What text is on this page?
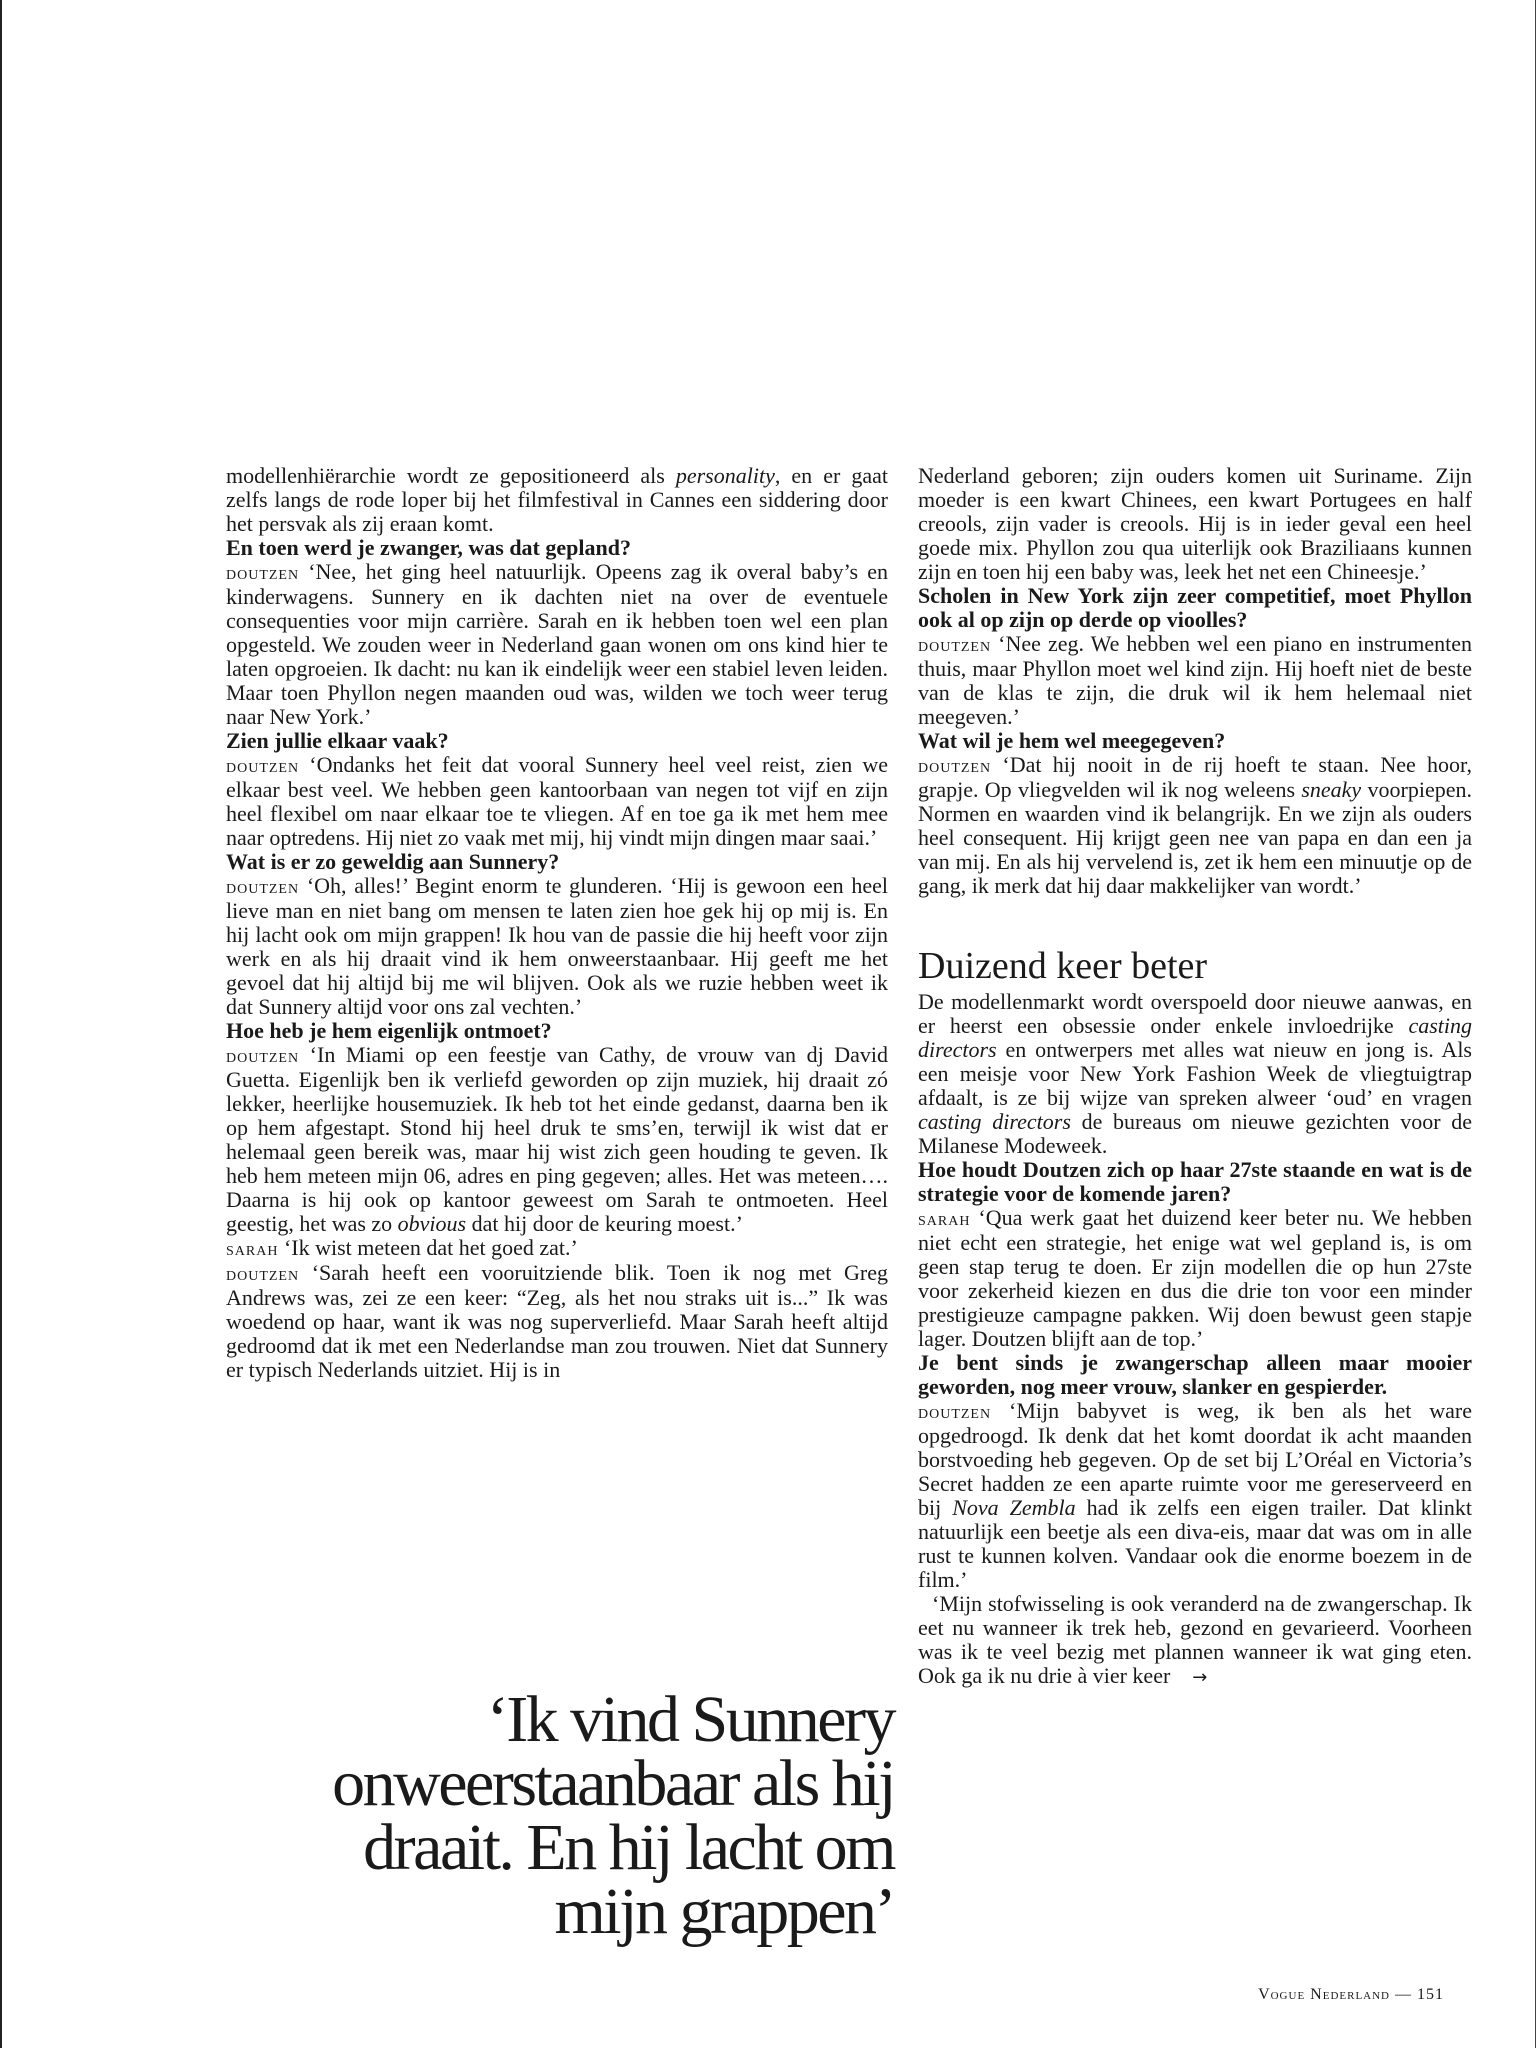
modellenhiërarchie wordt ze gepositioneerd als personality, en er gaat zelfs langs de rode loper bij het filmfestival in Cannes een siddering door het persvak als zij eraan komt.

En toen werd je zwanger, was dat gepland?

doutzen ‘Nee, het ging heel natuurlijk. Opeens zag ik overal baby’s en kinderwagens. Sunnery en ik dachten niet na over de eventuele consequenties voor mijn carrière. Sarah en ik hebben toen wel een plan opgesteld. We zouden weer in Nederland gaan wonen om ons kind hier te laten opgroeien. Ik dacht: nu kan ik eindelijk weer een stabiel leven leiden. Maar toen Phyllon negen maanden oud was, wilden we toch weer terug naar New York.’

Zien jullie elkaar vaak?

doutzen ‘Ondanks het feit dat vooral Sunnery heel veel reist, zien we elkaar best veel. We hebben geen kantoorbaan van negen tot vijf en zijn heel flexibel om naar elkaar toe te vliegen. Af en toe ga ik met hem mee naar optredens. Hij niet zo vaak met mij, hij vindt mijn dingen maar saai.’

Wat is er zo geweldig aan Sunnery?

doutzen ‘Oh, alles!’ Begint enorm te glunderen. ‘Hij is gewoon een heel lieve man en niet bang om mensen te laten zien hoe gek hij op mij is. En hij lacht ook om mijn grappen! Ik hou van de passie die hij heeft voor zijn werk en als hij draait vind ik hem onweerstaanbaar. Hij geeft me het gevoel dat hij altijd bij me wil blijven. Ook als we ruzie hebben weet ik dat Sunnery altijd voor ons zal vechten.’

Hoe heb je hem eigenlijk ontmoet?

doutzen ‘In Miami op een feestje van Cathy, de vrouw van dj David Guetta. Eigenlijk ben ik verliefd geworden op zijn muziek, hij draait zó lekker, heerlijke housemuziek. Ik heb tot het einde gedanst, daarna ben ik op hem afgestapt. Stond hij heel druk te sms’en, terwijl ik wist dat er helemaal geen bereik was, maar hij wist zich geen houding te geven. Ik heb hem meteen mijn 06, adres en ping gegeven; alles. Het was meteen…. Daarna is hij ook op kantoor geweest om Sarah te ontmoeten. Heel geestig, het was zo obvious dat hij door de keuring moest.’

sarah ‘Ik wist meteen dat het goed zat.’

doutzen ‘Sarah heeft een vooruitziende blik. Toen ik nog met Greg Andrews was, zei ze een keer: “Zeg, als het nou straks uit is...” Ik was woedend op haar, want ik was nog superverliefd. Maar Sarah heeft altijd gedroomd dat ik met een Nederlandse man zou trouwen. Niet dat Sunnery er typisch Nederlands uitziet. Hij is in

‘Ik vind Sunnery
onweerstaanbaar als hij
draait. En hij lacht om
mijn grappen’

Nederland geboren; zijn ouders komen uit Suriname. Zijn moeder is een kwart Chinees, een kwart Portugees en half creools, zijn vader is creools. Hij is in ieder geval een heel goede mix. Phyllon zou qua uiterlijk ook Braziliaans kunnen zijn en toen hij een baby was, leek het net een Chineesje.’

Scholen in New York zijn zeer competitief, moet Phyllon ook al op zijn op derde op vioolles?

doutzen ‘Nee zeg. We hebben wel een piano en instrumenten thuis, maar Phyllon moet wel kind zijn. Hij hoeft niet de beste van de klas te zijn, die druk wil ik hem helemaal niet meegeven.’

Wat wil je hem wel meegegeven?

doutzen ‘Dat hij nooit in de rij hoeft te staan. Nee hoor, grapje. Op vliegvelden wil ik nog weleens sneaky voorpiepen. Normen en waarden vind ik belangrijk. En we zijn als ouders heel consequent. Hij krijgt geen nee van papa en dan een ja van mij. En als hij vervelend is, zet ik hem een minuutje op de gang, ik merk dat hij daar makkelijker van wordt.’

Duizend keer beter

De modellenmarkt wordt overspoeld door nieuwe aanwas, en er heerst een obsessie onder enkele invloedrijke casting directors en ontwerpers met alles wat nieuw en jong is. Als een meisje voor New York Fashion Week de vliegtuigtrap afdaalt, is ze bij wijze van spreken alweer ‘oud’ en vragen casting directors de bureaus om nieuwe gezichten voor de Milanese Modeweek.

Hoe houdt Doutzen zich op haar 27ste staande en wat is de strategie voor de komende jaren?

sarah ‘Qua werk gaat het duizend keer beter nu. We hebben niet echt een strategie, het enige wat wel gepland is, is om geen stap terug te doen. Er zijn modellen die op hun 27ste voor zekerheid kiezen en dus die drie ton voor een minder prestigieuze campagne pakken. Wij doen bewust geen stapje lager. Doutzen blijft aan de top.’

Je bent sinds je zwangerschap alleen maar mooier geworden, nog meer vrouw, slanker en gespierder.

doutzen ‘Mijn babyvet is weg, ik ben als het ware opgedroogd. Ik denk dat het komt doordat ik acht maanden borstvoeding heb gegeven. Op de set bij L’Oréal en Victoria’s Secret hadden ze een aparte ruimte voor me gereserveerd en bij Nova Zembla had ik zelfs een eigen trailer. Dat klinkt natuurlijk een beetje als een diva-eis, maar dat was om in alle rust te kunnen kolven. Vandaar ook die enorme boezem in de film.’

‘Mijn stofwisseling is ook veranderd na de zwangerschap. Ik eet nu wanneer ik trek heb, gezond en gevarieerd. Voorheen was ik te veel bezig met plannen wanneer ik wat ging eten. Ook ga ik nu drie à vier keer →

Vogue Nederland — 151
